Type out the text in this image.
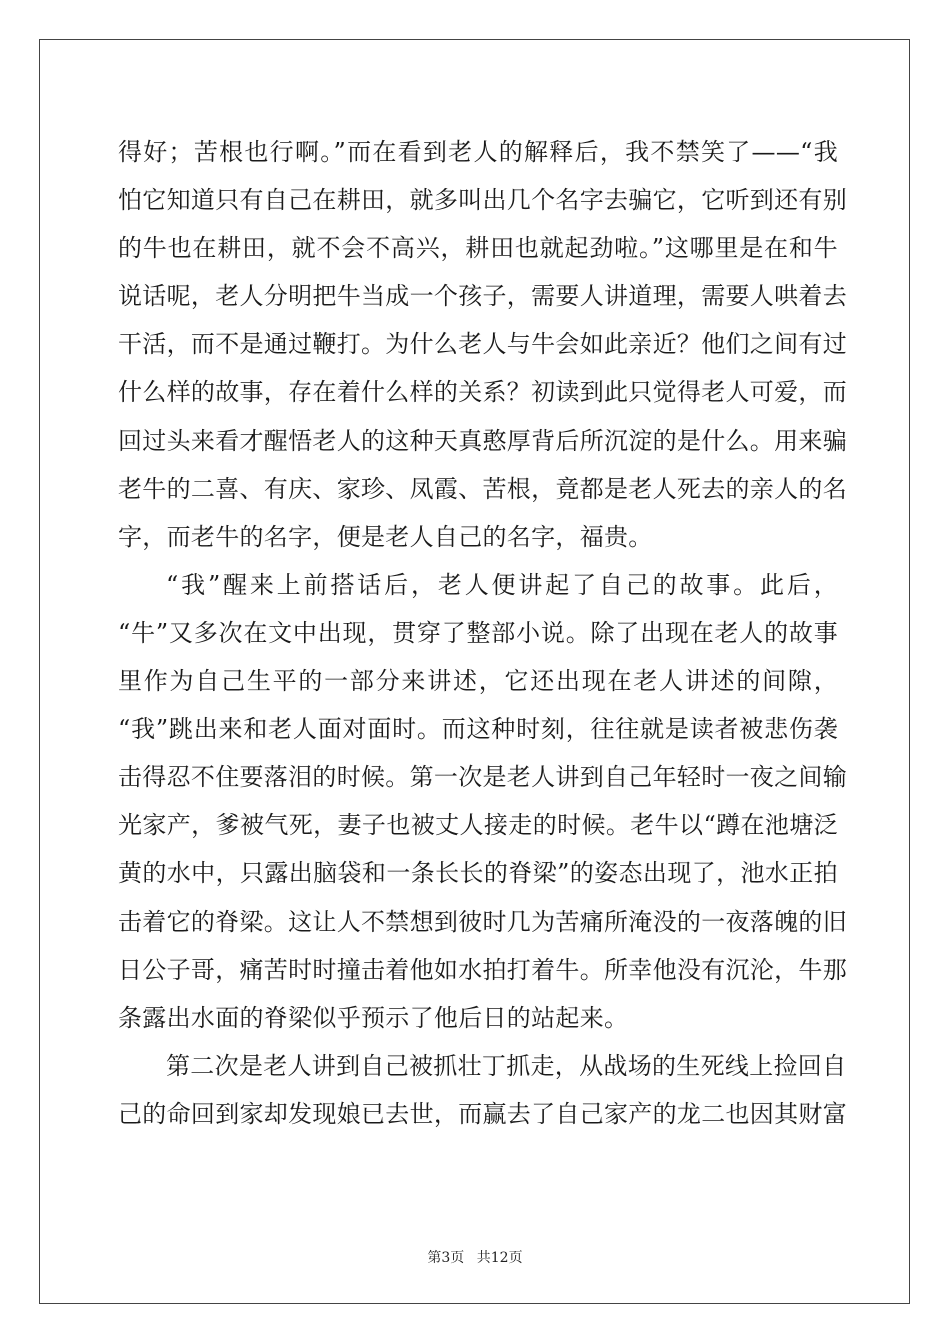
得好；苦根也行啊。”而在看到老人的解释后，我不禁笑了——“我
怕它知道只有自己在耕田，就多叫出几个名字去骗它，它听到还有别
的牛也在耕田，就不会不高兴，耕田也就起劲啦。”这哪里是在和牛
说话呢，老人分明把牛当成一个孩子，需要人讲道理，需要人哄着去
干活，而不是通过鞭打。为什么老人与牛会如此亲近？他们之间有过
什么样的故事，存在着什么样的关系？初读到此只觉得老人可爱，而
回过头来看才醒悟老人的这种天真憨厚背后所沉淀的是什么。用来骗
老牛的二喜、有庆、家珍、凤霞、苦根，竟都是老人死去的亲人的名
字，而老牛的名字，便是老人自己的名字，福贵。
“我”醒来上前搭话后，老人便讲起了自己的故事。此后，
“牛”又多次在文中出现，贯穿了整部小说。除了出现在老人的故事
里作为自己生平的一部分来讲述，它还出现在老人讲述的间隙，
“我”跳出来和老人面对面时。而这种时刻，往往就是读者被悲伤袭
击得忍不住要落泪的时候。第一次是老人讲到自己年轻时一夜之间输
光家产，爹被气死，妻子也被丈人接走的时候。老牛以“蹲在池塘泛
黄的水中，只露出脑袋和一条长长的脊梁”的姿态出现了，池水正拍
击着它的脊梁。这让人不禁想到彼时几为苦痛所淹没的一夜落魄的旧
日公子哥，痛苦时时撞击着他如水拍打着牛。所幸他没有沉沦，牛那
条露出水面的脊梁似乎预示了他后日的站起来。
第二次是老人讲到自己被抓壮丁抓走，从战场的生死线上捡回自
己的命回到家却发现娘已去世，而赢去了自己家产的龙二也因其财富
第3页 共12页
